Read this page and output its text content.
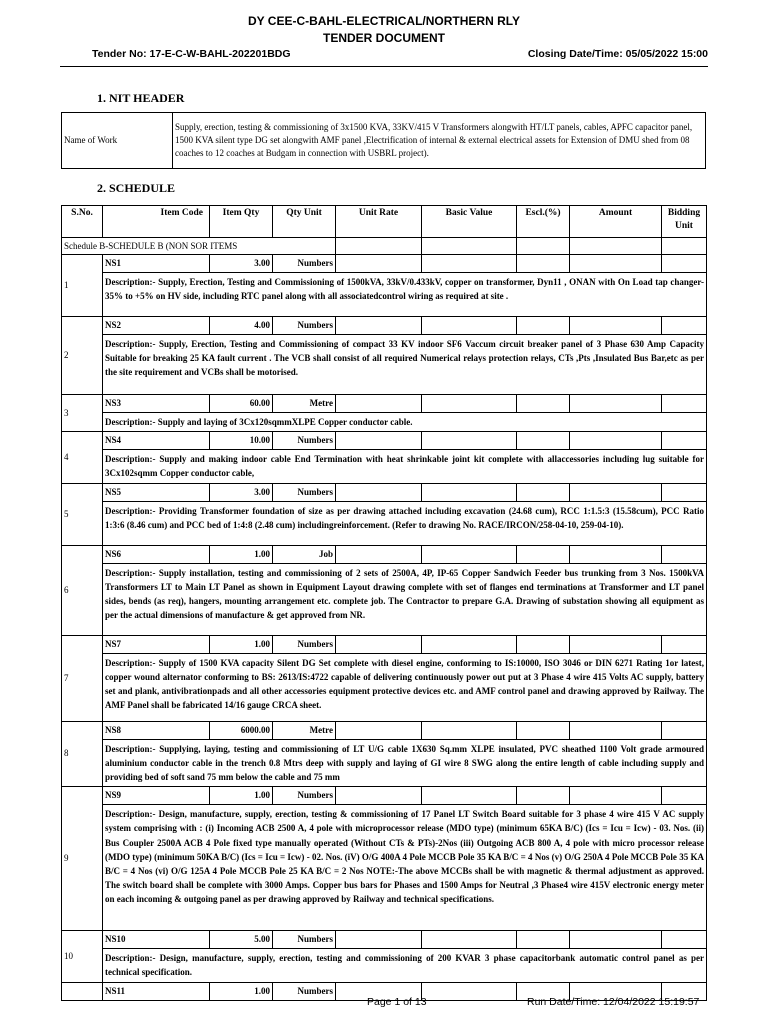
DY CEE-C-BAHL-ELECTRICAL/NORTHERN RLY
TENDER DOCUMENT
Tender No: 17-E-C-W-BAHL-202201BDG	Closing Date/Time: 05/05/2022 15:00
1. NIT HEADER
Name of Work	Supply, erection, testing & commissioning of 3x1500 KVA, 33KV/415 V Transformers alongwith HT/LT panels, cables, APFC capacitor panel, 1500 KVA silent type DG set alongwith AMF panel ,Electrification of internal & external electrical assets for Extension of DMU shed from 08 coaches to 12 coaches at Budgam in connection with USBRL project).
2. SCHEDULE
S.No.		Item Code	Item Qty	Qty Unit	Unit Rate	Basic Value	Escl.(%)	Amount	Bidding Unit
Schedule B-SCHEDULE B (NON SOR ITEMS									
1	NS1		3.00	Numbers					
	Description:- Supply, Erection, Testing and Commissioning of 1500kVA, 33kV/0.433kV, copper on transformer, Dyn11 , ONAN with On Load tap changer-35% to +5% on HV side, including RTC panel along with all associatedcontrol wiring as required at site .								
2	NS2		4.00	Numbers					
	Description:- Supply, Erection, Testing and Commissioning of compact 33 KV indoor SF6 Vaccum circuit breaker panel of 3 Phase 630 Amp Capacity Suitable for breaking 25 KA fault current . The VCB shall consist of all required Numerical relays protection relays, CTs ,Pts ,Insulated Bus Bar,etc as per the site requirement and VCBs shall be motorised.								
3	NS3		60.00	Metre					
	Description:- Supply and laying of 3Cx120sqmmXLPE Copper conductor cable.								
4	NS4		10.00	Numbers					
	Description:- Supply and making indoor cable End Termination with heat shrinkable joint kit complete with allaccessories including lug suitable for 3Cx102sqmm Copper conductor cable,								
5	NS5		3.00	Numbers					
	Description:- Providing Transformer foundation of size as per drawing attached including excavation (24.68 cum), RCC 1:1.5:3 (15.58cum), PCC Ratio 1:3:6 (8.46 cum) and PCC bed of 1:4:8 (2.48 cum) includingreinforcement. (Refer to drawing No. RACE/IRCON/258-04-10, 259-04-10).								
6	NS6		1.00	Job					
	Description:- Supply installation, testing and commissioning of 2 sets of 2500A, 4P, IP-65 Copper Sandwich Feeder bus trunking from 3 Nos. 1500kVA Transformers LT to Main LT Panel as shown in Equipment Layout drawing complete with set of flanges end terminations at Transformer and LT panel sides, bends (as req), hangers, mounting arrangement etc. complete job. The Contractor to prepare G.A. Drawing of substation showing all equipment as per the actual dimensions of manufacture & get approved from NR.								
7	NS7		1.00	Numbers					
	Description:- Supply of 1500 KVA capacity Silent DG Set complete with diesel engine, conforming to IS:10000, ISO 3046 or DIN 6271 Rating 1or latest, copper wound alternator conforming to BS: 2613/IS:4722 capable of delivering continuously power out put at 3 Phase 4 wire 415 Volts AC supply, battery set and plank, antivibrationpads and all other accessories equipment protective devices etc. and AMF control panel and drawing approved by Railway. The AMF Panel shall be fabricated 14/16 gauge CRCA sheet.								
8	NS8		6000.00	Metre					
	Description:- Supplying, laying, testing and commissioning of LT U/G cable 1X630 Sq.mm XLPE insulated, PVC sheathed 1100 Volt grade armoured aluminium conductor cable in the trench 0.8 Mtrs deep with supply and laying of GI wire 8 SWG along the entire length of cable including supply and providing bed of soft sand 75 mm below the cable and 75 mm								
9	NS9		1.00	Numbers					
	Description:- Design, manufacture, supply, erection, testing & commissioning of 17 Panel LT Switch Board suitable for 3 phase 4 wire 415 V AC supply system comprising with : (i) Incoming ACB 2500 A, 4 pole with microprocessor release (MDO type) (minimum 65KA B/C) (Ics = Icu = Icw) - 03. Nos. (ii) Bus Coupler 2500A ACB 4 Pole fixed type manually operated (Without CTs & PTs)-2Nos (iii) Outgoing ACB 800 A, 4 pole with micro processor release (MDO type) (minimum 50KA B/C) (Ics = Icu = Icw) - 02. Nos. (iV) O/G 400A 4 Pole MCCB Pole 35 KA B/C = 4 Nos (v) O/G 250A 4 Pole MCCB Pole 35 KA B/C = 4 Nos (vi) O/G 125A 4 Pole MCCB Pole 25 KA B/C = 2 Nos NOTE:-The above MCCBs shall be with magnetic & thermal adjustment as approved. The switch board shall be complete with 3000 Amps. Copper bus bars for Phases and 1500 Amps for Neutral ,3 Phase4 wire 415V electronic energy meter on each incoming & outgoing panel as per drawing approved by Railway and technical specifications.								
10	NS10		5.00	Numbers					
	Description:- Design, manufacture, supply, erection, testing and commissioning of 200 KVAR 3 phase capacitorbank automatic control panel as per technical specification.								
	NS11		1.00	Numbers					
Page 1 of 13	Run Date/Time: 12/04/2022 15:19:57
